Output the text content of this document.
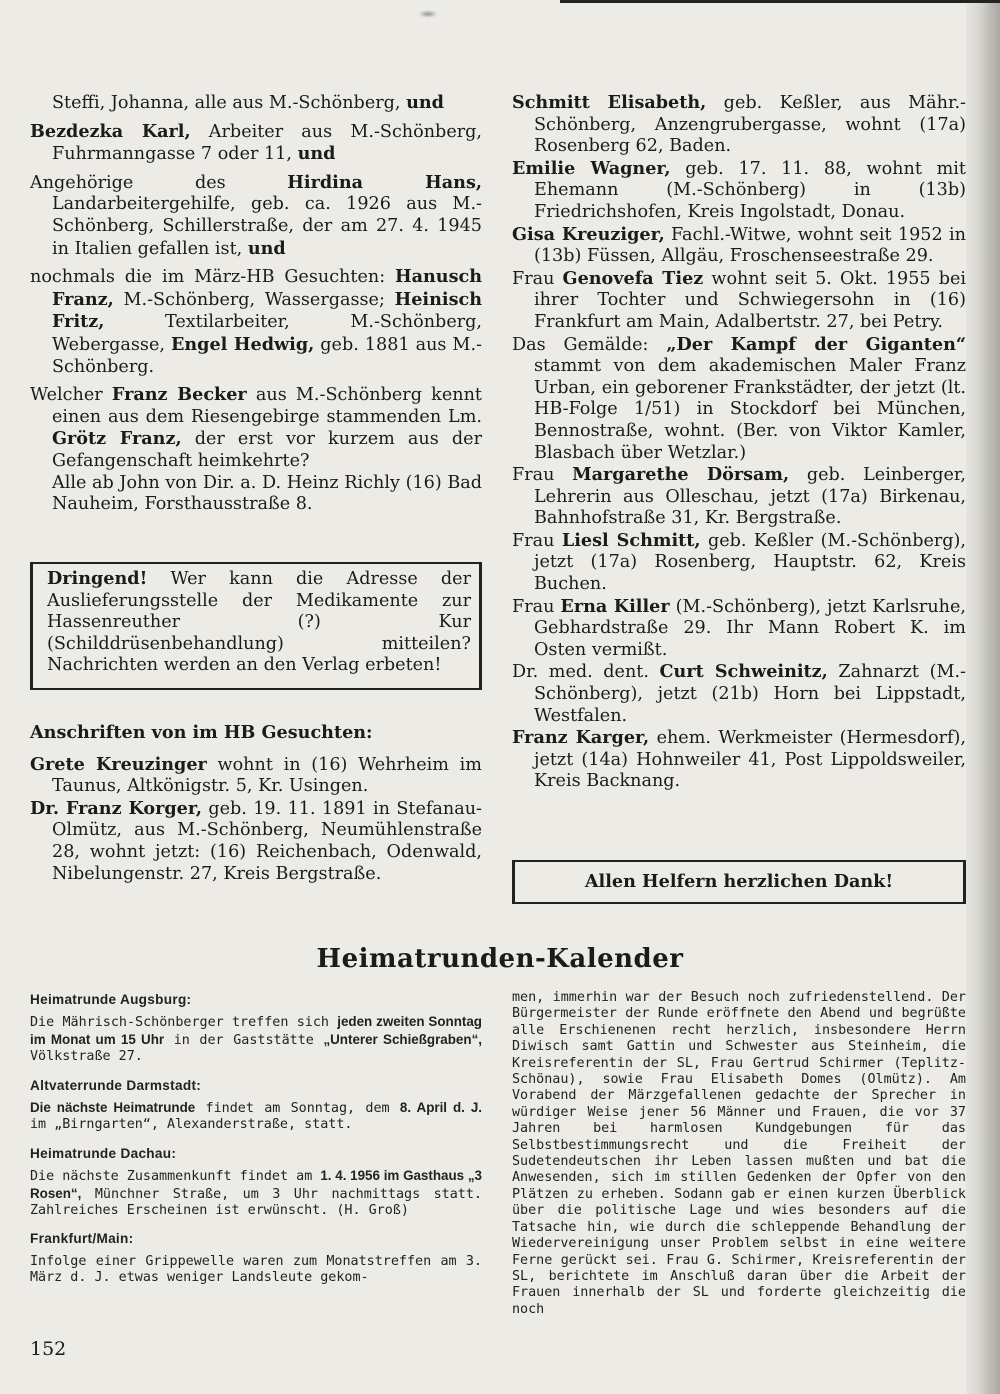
Steffi, Johanna, alle aus M.-Schönberg, und

Bezdezka Karl, Arbeiter aus M.-Schönberg, Fuhrmanngasse 7 oder 11, und

Angehörige des Hirdina Hans, Landarbeitergehilfe, geb. ca. 1926 aus M.-Schönberg, Schillerstraße, der am 27. 4. 1945 in Italien gefallen ist, und

nochmals die im März-HB Gesuchten: Hanusch Franz, M.-Schönberg, Wassergasse; Heinisch Fritz, Textilarbeiter, M.-Schönberg, Webergasse, Engel Hedwig, geb. 1881 aus M.-Schönberg.

Welcher Franz Becker aus M.-Schönberg kennt einen aus dem Riesengebirge stammenden Lm. Grötz Franz, der erst vor kurzem aus der Gefangenschaft heimkehrte?

Alle ab John von Dir. a. D. Heinz Richly (16) Bad Nauheim, Forsthausstraße 8.

Dringend! Wer kann die Adresse der Auslieferungsstelle der Medikamente zur Hassenreuther (?) Kur (Schilddrüsenbehandlung) mitteilen? Nachrichten werden an den Verlag erbeten!

Anschriften von im HB Gesuchten:

Grete Kreuzinger wohnt in (16) Wehrheim im Taunus, Altkönigstr. 5, Kr. Usingen.

Dr. Franz Korger, geb. 19. 11. 1891 in Stefanau-Olmütz, aus M.-Schönberg, Neumühlenstraße 28, wohnt jetzt: (16) Reichenbach, Odenwald, Nibelungenstr. 27, Kreis Bergstraße.

Schmitt Elisabeth, geb. Keßler, aus Mähr.-Schönberg, Anzengrubergasse, wohnt (17a) Rosenberg 62, Baden.

Emilie Wagner, geb. 17. 11. 88, wohnt mit Ehemann (M.-Schönberg) in (13b) Friedrichshofen, Kreis Ingolstadt, Donau.

Gisa Kreuziger, Fachl.-Witwe, wohnt seit 1952 in (13b) Füssen, Allgäu, Froschenseestraße 29.

Frau Genovefa Tiez wohnt seit 5. Okt. 1955 bei ihrer Tochter und Schwiegersohn in (16) Frankfurt am Main, Adalbertstr. 27, bei Petry.

Das Gemälde: „Der Kampf der Giganten“ stammt von dem akademischen Maler Franz Urban, ein geborener Frankstädter, der jetzt (lt. HB-Folge 1/51) in Stockdorf bei München, Bennostraße, wohnt. (Ber. von Viktor Kamler, Blasbach über Wetzlar.)

Frau Margarethe Dörsam, geb. Leinberger, Lehrerin aus Olleschau, jetzt (17a) Birkenau, Bahnhofstraße 31, Kr. Bergstraße.

Frau Liesl Schmitt, geb. Keßler (M.-Schönberg), jetzt (17a) Rosenberg, Hauptstr. 62, Kreis Buchen.

Frau Erna Killer (M.-Schönberg), jetzt Karlsruhe, Gebhardstraße 29. Ihr Mann Robert K. im Osten vermißt.

Dr. med. dent. Curt Schweinitz, Zahnarzt (M.-Schönberg), jetzt (21b) Horn bei Lippstadt, Westfalen.

Franz Karger, ehem. Werkmeister (Hermesdorf), jetzt (14a) Hohnweiler 41, Post Lippoldsweiler, Kreis Backnang.

Allen Helfern herzlichen Dank!
Heimatrunden-Kalender
Heimatrunde Augsburg:

Die Mährisch-Schönberger treffen sich jeden zweiten Sonntag im Monat um 15 Uhr in der Gaststätte „Unterer Schießgraben“, Völkstraße 27.

Altvaterrunde Darmstadt:

Die nächste Heimatrunde findet am Sonntag, dem 8. April d. J. im „Birngarten“, Alexanderstraße, statt.

Heimatrunde Dachau:

Die nächste Zusammenkunft findet am 1. 4. 1956 im Gasthaus „3 Rosen“, Münchner Straße, um 3 Uhr nachmittags statt. Zahlreiches Erscheinen ist erwünscht. (H. Groß)

Frankfurt/Main:

Infolge einer Grippewelle waren zum Monatstreffen am 3. März d. J. etwas weniger Landsleute gekom-

men, immerhin war der Besuch noch zufriedenstellend. Der Bürgermeister der Runde eröffnete den Abend und begrüßte alle Erschienenen recht herzlich, insbesondere Herrn Diwisch samt Gattin und Schwester aus Steinheim, die Kreisreferentin der SL, Frau Gertrud Schirmer (Teplitz-Schönau), sowie Frau Elisabeth Domes (Olmütz). Am Vorabend der Märzgefallenen gedachte der Sprecher in würdiger Weise jener 56 Männer und Frauen, die vor 37 Jahren bei harmlosen Kundgebungen für das Selbstbestimmungsrecht und die Freiheit der Sudetendeutschen ihr Leben lassen mußten und bat die Anwesenden, sich im stillen Gedenken der Opfer von den Plätzen zu erheben. Sodann gab er einen kurzen Überblick über die politische Lage und wies besonders auf die Tatsache hin, wie durch die schleppende Behandlung der Wiedervereinigung unser Problem selbst in eine weitere Ferne gerückt sei. Frau G. Schirmer, Kreisreferentin der SL, berichtete im Anschluß daran über die Arbeit der Frauen innerhalb der SL und forderte gleichzeitig die noch

152
